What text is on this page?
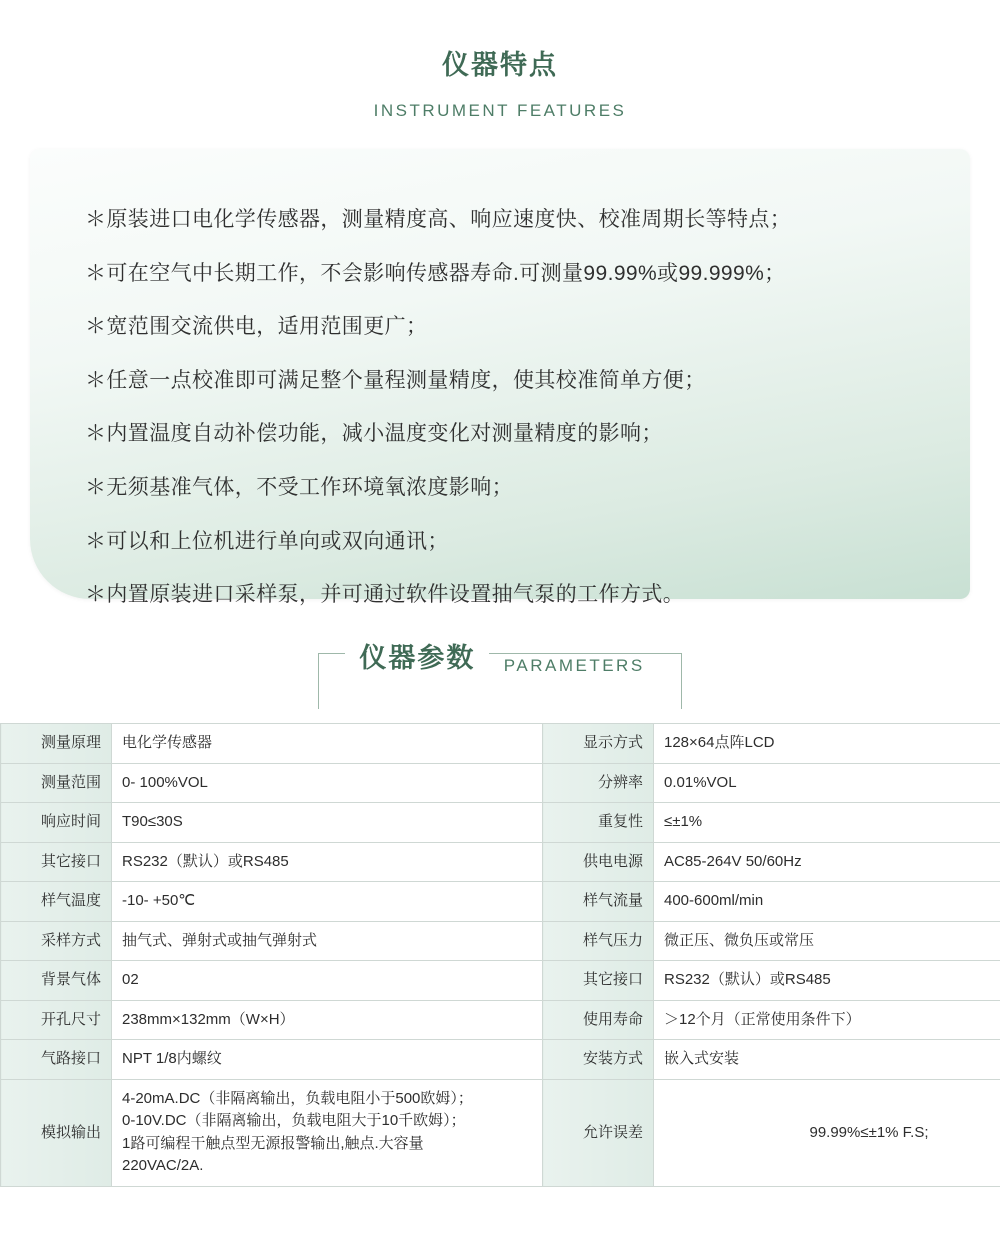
仪器特点
INSTRUMENT FEATURES

＊原装进口电化学传感器，测量精度高、响应速度快、校准周期长等特点；

＊可在空气中长期工作，不会影响传感器寿命.可测量99.99%或99.999%；

＊宽范围交流供电，适用范围更广；

＊任意一点校准即可满足整个量程测量精度，使其校准简单方便；

＊内置温度自动补偿功能，减小温度变化对测量精度的影响；

＊无须基准气体，不受工作环境氧浓度影响；

＊可以和上位机进行单向或双向通讯；

＊内置原装进口采样泵，并可通过软件设置抽气泵的工作方式。

仪器参数 PARAMETERS
测量原理	电化学传感器	显示方式	128×64点阵LCD
测量范围	0- 100%VOL	分辨率	0.01%VOL
响应时间	T90≤30S	重复性	≤±1%
其它接口	RS232（默认）或RS485	供电电源	AC85-264V 50/60Hz
样气温度	-10- +50℃	样气流量	400-600ml/min
采样方式	抽气式、弹射式或抽气弹射式	样气压力	微正压、微负压或常压
背景气体	02	其它接口	RS232（默认）或RS485
开孔尺寸	238mm×132mm（W×H）	使用寿命	＞12个月（正常使用条件下）
气路接口	NPT 1/8内螺纹	安装方式	嵌入式安装
模拟输出	4-20mA.DC（非隔离输出，负载电阻小于500欧姆）；
0-10V.DC（非隔离输出，负载电阻大于10千欧姆）；
1路可编程干触点型无源报警输出,触点.大容量
220VAC/2A.	允许误差	99.99%≤±1% F.S;
